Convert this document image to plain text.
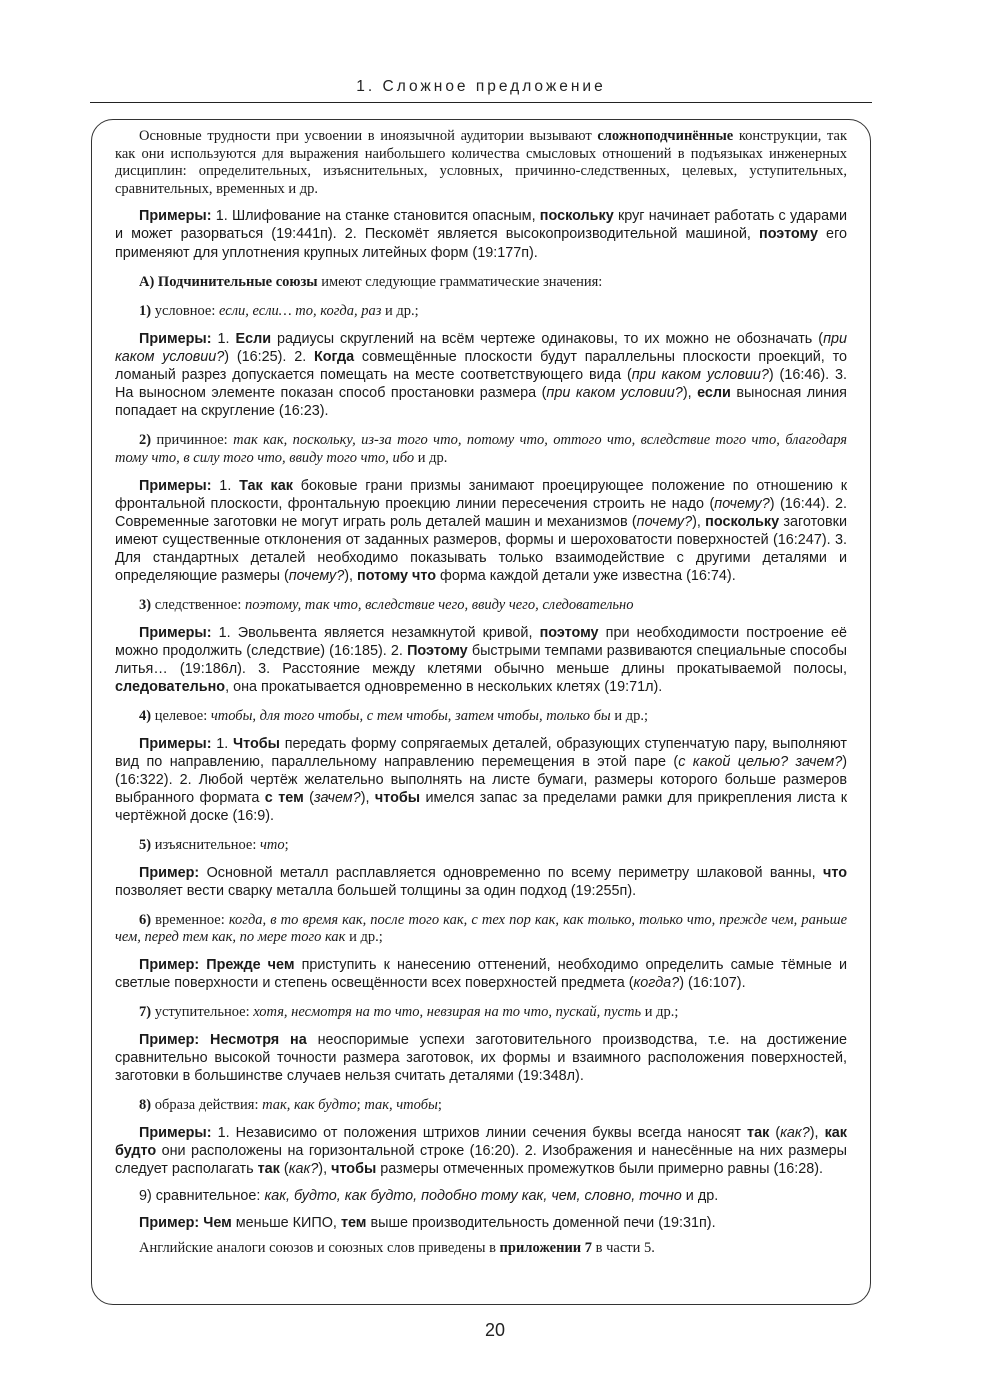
1. Сложное предложение

Основные трудности при усвоении в иноязычной аудитории вызывают сложноподчинённые конструкции, так как они используются для выражения наибольшего количества смысловых отношений в подъязыках инженерных дисциплин: определительных, изъяснительных, условных, причинно-следственных, целевых, уступительных, сравнительных, временных и др.

Примеры: 1. Шлифование на станке становится опасным, поскольку круг начинает работать с ударами и может разорваться (19:441п). 2. Пескомёт является высокопроизводительной машиной, поэтому его применяют для уплотнения крупных литейных форм (19:177п).

А) Подчинительные союзы имеют следующие грамматические значения:

1) условное: если, если… то, когда, раз и др.;

Примеры: 1. Если радиусы скруглений на всём чертеже одинаковы, то их можно не обозначать (при каком условии?) (16:25). 2. Когда совмещённые плоскости будут параллельны плоскости проекций, то ломаный разрез допускается помещать на месте соответствующего вида (при каком условии?) (16:46). 3. На выносном элементе показан способ простановки размера (при каком условии?), если выносная линия попадает на скругление (16:23).

2) причинное: так как, поскольку, из-за того что, потому что, оттого что, вследствие того что, благодаря тому что, в силу того что, ввиду того что, ибо и др.

Примеры: 1. Так как боковые грани призмы занимают проецирующее положение по отношению к фронтальной плоскости, фронтальную проекцию линии пересечения строить не надо (почему?) (16:44). 2. Современные заготовки не могут играть роль деталей машин и механизмов (почему?), поскольку заготовки имеют существенные отклонения от заданных размеров, формы и шероховатости поверхностей (16:247). 3. Для стандартных деталей необходимо показывать только взаимодействие с другими деталями и определяющие размеры (почему?), потому что форма каждой детали уже известна (16:74).

3) следственное: поэтому, так что, вследствие чего, ввиду чего, следовательно

Примеры: 1. Эвольвента является незамкнутой кривой, поэтому при необходимости построение её можно продолжить (следствие) (16:185). 2. Поэтому быстрыми темпами развиваются специальные способы литья… (19:186л). 3. Расстояние между клетями обычно меньше длины прокатываемой полосы, следовательно, она прокатывается одновременно в нескольких клетях (19:71л).

4) целевое: чтобы, для того чтобы, с тем чтобы, затем чтобы, только бы и др.;

Примеры: 1. Чтобы передать форму сопрягаемых деталей, образующих ступенчатую пару, выполняют вид по направлению, параллельному направлению перемещения в этой паре (с какой целью? зачем?) (16:322). 2. Любой чертёж желательно выполнять на листе бумаги, размеры которого больше размеров выбранного формата с тем (зачем?), чтобы имелся запас за пределами рамки для прикрепления листа к чертёжной доске (16:9).

5) изъяснительное: что;

Пример: Основной металл расплавляется одновременно по всему периметру шлаковой ванны, что позволяет вести сварку металла большей толщины за один подход (19:255п).

6) временное: когда, в то время как, после того как, с тех пор как, как только, только что, прежде чем, раньше чем, перед тем как, по мере того как и др.;

Пример: Прежде чем приступить к нанесению оттенений, необходимо определить самые тёмные и светлые поверхности и степень освещённости всех поверхностей предмета (когда?) (16:107).

7) уступительное: хотя, несмотря на то что, невзирая на то что, пускай, пусть и др.;

Пример: Несмотря на неоспоримые успехи заготовительного производства, т.е. на достижение сравнительно высокой точности размера заготовок, их формы и взаимного расположения поверхностей, заготовки в большинстве случаев нельзя считать деталями (19:348л).

8) образа действия: так, как будто; так, чтобы;

Примеры: 1. Независимо от положения штрихов линии сечения буквы всегда наносят так (как?), как будто они расположены на горизонтальной строке (16:20). 2. Изображения и нанесённые на них размеры следует располагать так (как?), чтобы размеры отмеченных промежутков были примерно равны (16:28).

9) сравнительное: как, будто, как будто, подобно тому как, чем, словно, точно и др.

Пример: Чем меньше КИПО, тем выше производительность доменной печи (19:31п).

Английские аналоги союзов и союзных слов приведены в приложении 7 в части 5.

20
